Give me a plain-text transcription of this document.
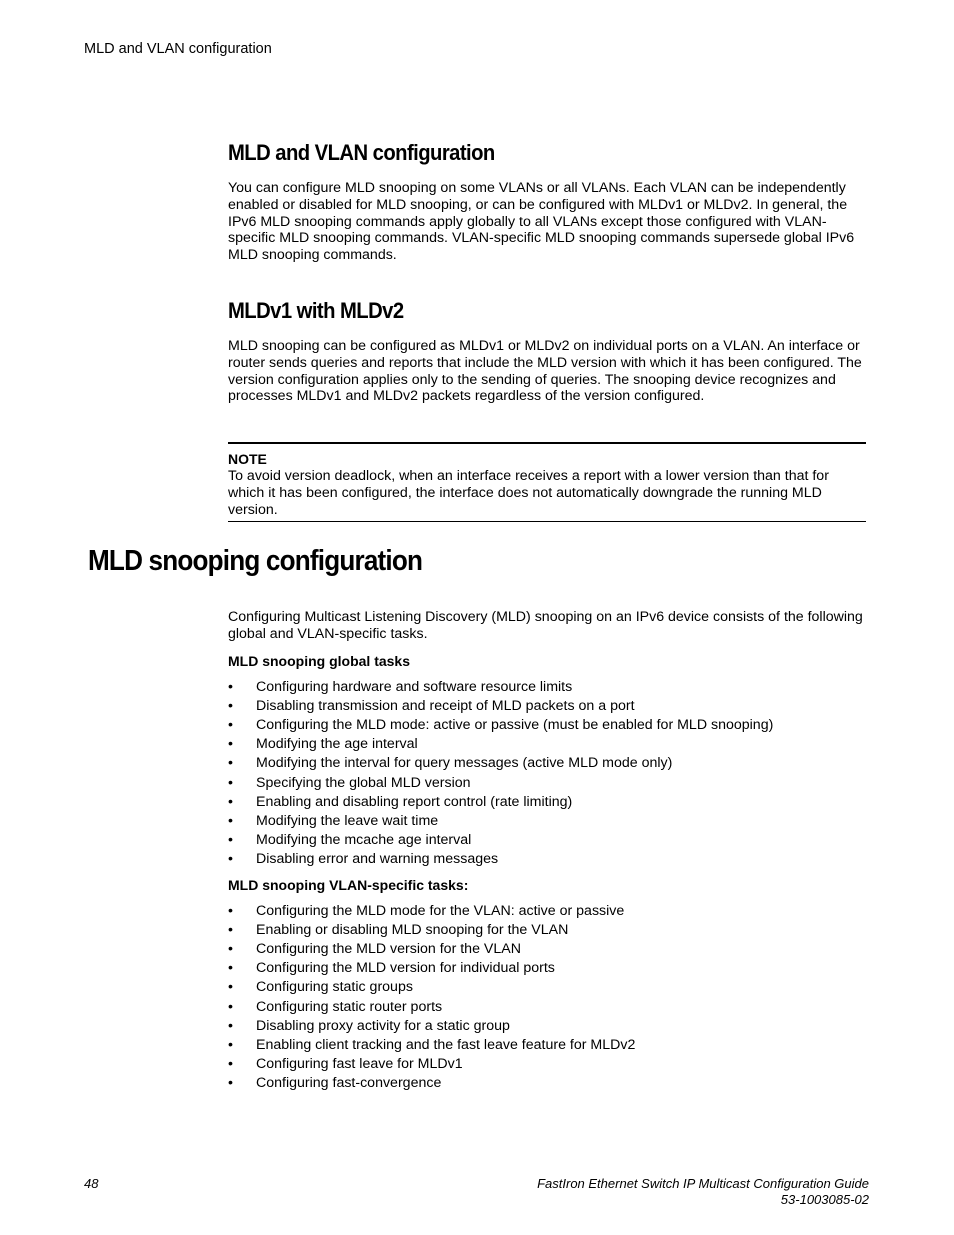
MLD and VLAN configuration
MLD and VLAN configuration

You can configure MLD snooping on some VLANs or all VLANs. Each VLAN can be independently enabled or disabled for MLD snooping, or can be configured with MLDv1 or MLDv2. In general, the IPv6 MLD snooping commands apply globally to all VLANs except those configured with VLAN-specific MLD snooping commands. VLAN-specific MLD snooping commands supersede global IPv6 MLD snooping commands.

MLDv1 with MLDv2

MLD snooping can be configured as MLDv1 or MLDv2 on individual ports on a VLAN. An interface or router sends queries and reports that include the MLD version with which it has been configured. The version configuration applies only to the sending of queries. The snooping device recognizes and processes MLDv1 and MLDv2 packets regardless of the version configured.

NOTE
To avoid version deadlock, when an interface receives a report with a lower version than that for which it has been configured, the interface does not automatically downgrade the running MLD version.
MLD snooping configuration

Configuring Multicast Listening Discovery (MLD) snooping on an IPv6 device consists of the following global and VLAN-specific tasks.

MLD snooping global tasks
• Configuring hardware and software resource limits
• Disabling transmission and receipt of MLD packets on a port
• Configuring the MLD mode: active or passive (must be enabled for MLD snooping)
• Modifying the age interval
• Modifying the interval for query messages (active MLD mode only)
• Specifying the global MLD version
• Enabling and disabling report control (rate limiting)
• Modifying the leave wait time
• Modifying the mcache age interval
• Disabling error and warning messages
MLD snooping VLAN-specific tasks:
• Configuring the MLD mode for the VLAN: active or passive
• Enabling or disabling MLD snooping for the VLAN
• Configuring the MLD version for the VLAN
• Configuring the MLD version for individual ports
• Configuring static groups
• Configuring static router ports
• Disabling proxy activity for a static group
• Enabling client tracking and the fast leave feature for MLDv2
• Configuring fast leave for MLDv1
• Configuring fast-convergence
48	FastIron Ethernet Switch IP Multicast Configuration Guide
53-1003085-02
